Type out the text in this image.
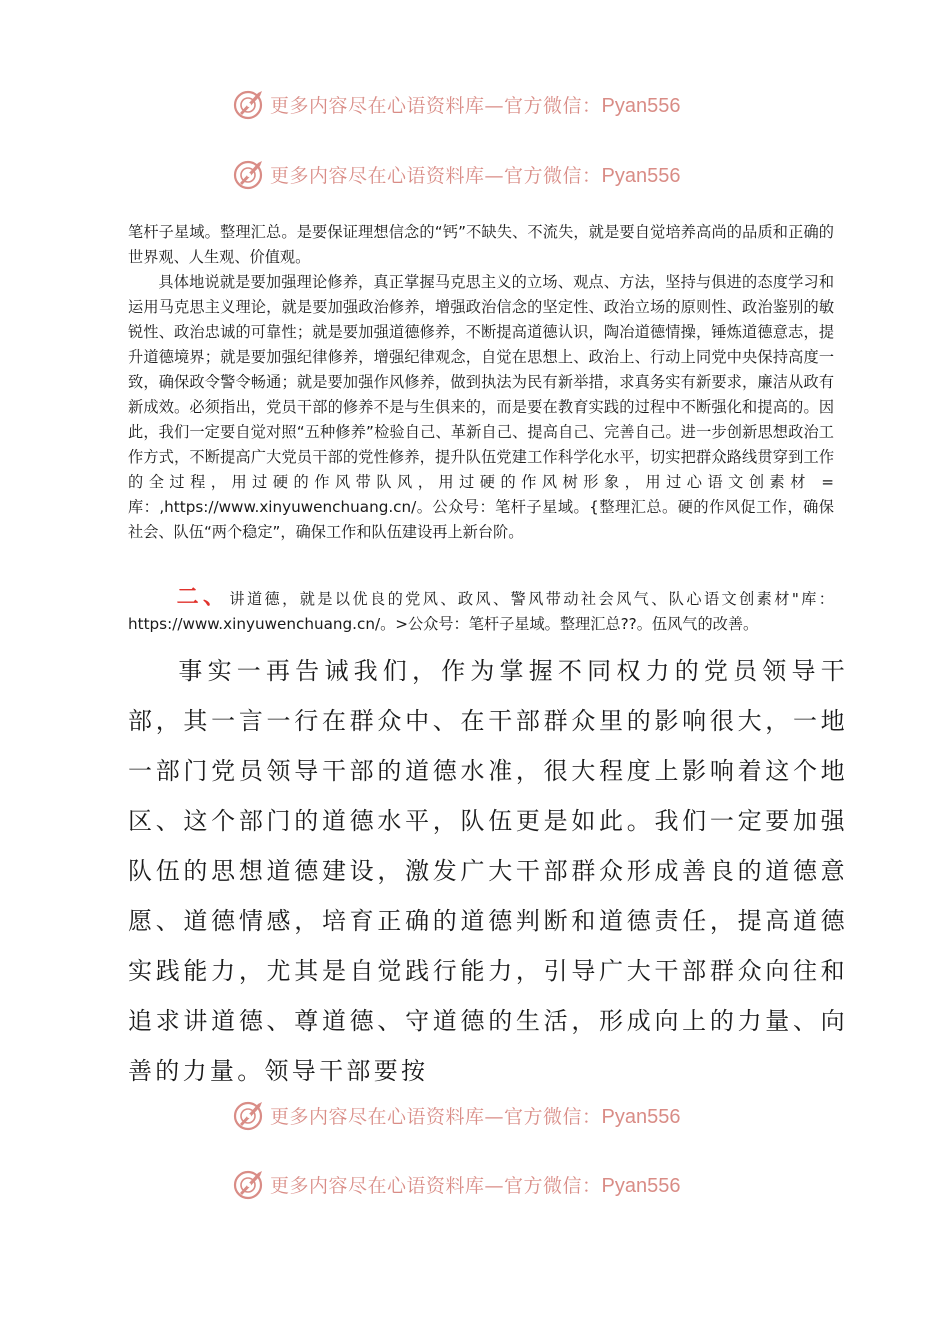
更多内容尽在心语资料库—官方微信：Pyan556
更多内容尽在心语资料库—官方微信：Pyan556

笔杆子星域。整理汇总。是要保证理想信念的“钙”不缺失、不流失，就是要自觉培养高尚的品质和正确的世界观、人生观、价值观。

具体地说就是要加强理论修养，真正掌握马克思主义的立场、观点、方法，坚持与俱进的态度学习和运用马克思主义理论，就是要加强政治修养，增强政治信念的坚定性、政治立场的原则性、政治鉴别的敏锐性、政治忠诚的可靠性；就是要加强道德修养，不断提高道德认识，陶冶道德情操，锤炼道德意志，提升道德境界；就是要加强纪律修养，增强纪律观念，自觉在思想上、政治上、行动上同党中央保持高度一致，确保政令警令畅通；就是要加强作风修养，做到执法为民有新举措，求真务实有新要求，廉洁从政有新成效。必须指出，党员干部的修养不是与生俱来的，而是要在教育实践的过程中不断强化和提高的。因此，我们一定要自觉对照“五种修养”检验自己、革新自己、提高自己、完善自己。进一步创新思想政治工作方式，不断提高广大党员干部的党性修养，提升队伍党建工作科学化水平，切实把群众路线贯穿到工作的全过程，用过硬的作风带队风，用过硬的作风树形象，用过心语文创素材 =库：,https://www.xinyuwenchuang.cn/。公众号：笔杆子星域。{整理汇总。硬的作风促工作，确保社会、队伍“两个稳定”，确保工作和队伍建设再上新台阶。

二、讲道德，就是以优良的党风、政风、警风带动社会风气、队心语文创素材"库：https://www.xinyuwenchuang.cn/。>公众号：笔杆子星域。整理汇总??。伍风气的改善。

事实一再告诫我们，作为掌握不同权力的党员领导干部，其一言一行在群众中、在干部群众里的影响很大，一地一部门党员领导干部的道德水准，很大程度上影响着这个地区、这个部门的道德水平，队伍更是如此。我们一定要加强队伍的思想道德建设，激发广大干部群众形成善良的道德意愿、道德情感，培育正确的道德判断和道德责任，提高道德实践能力，尤其是自觉践行能力，引导广大干部群众向往和追求讲道德、尊道德、守道德的生活，形成向上的力量、向善的力量。领导干部要按

更多内容尽在心语资料库—官方微信：Pyan556
更多内容尽在心语资料库—官方微信：Pyan556
